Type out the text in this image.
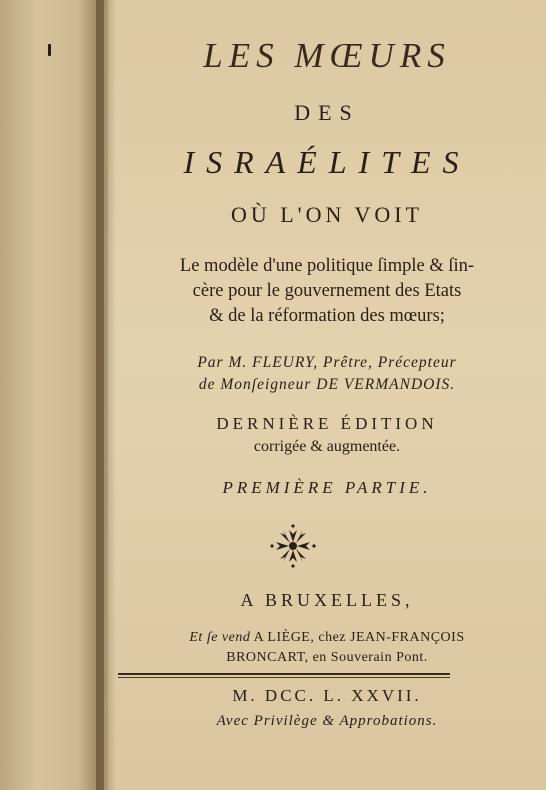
LES MŒURS
DES
ISRAÉLITES
OÙ L'ON VOIT
Le modèle d'une politique ſimple & ſin-
cère pour le gouvernement des Etats
& de la réformation des mœurs;
Par M. FLEURY, Prêtre, Précepteur
de Monſeigneur DE VERMANDOIS.
DERNIÈRE ÉDITION
corrigée & augmentée.
PREMIÈRE PARTIE.
A BRUXELLES,
Et ſe vend A LIÈGE, chez JEAN-FRANÇOIS
BRONCART, en Souverain Pont.
M. DCC. L. XXVII.
Avec Privilège & Approbations.
